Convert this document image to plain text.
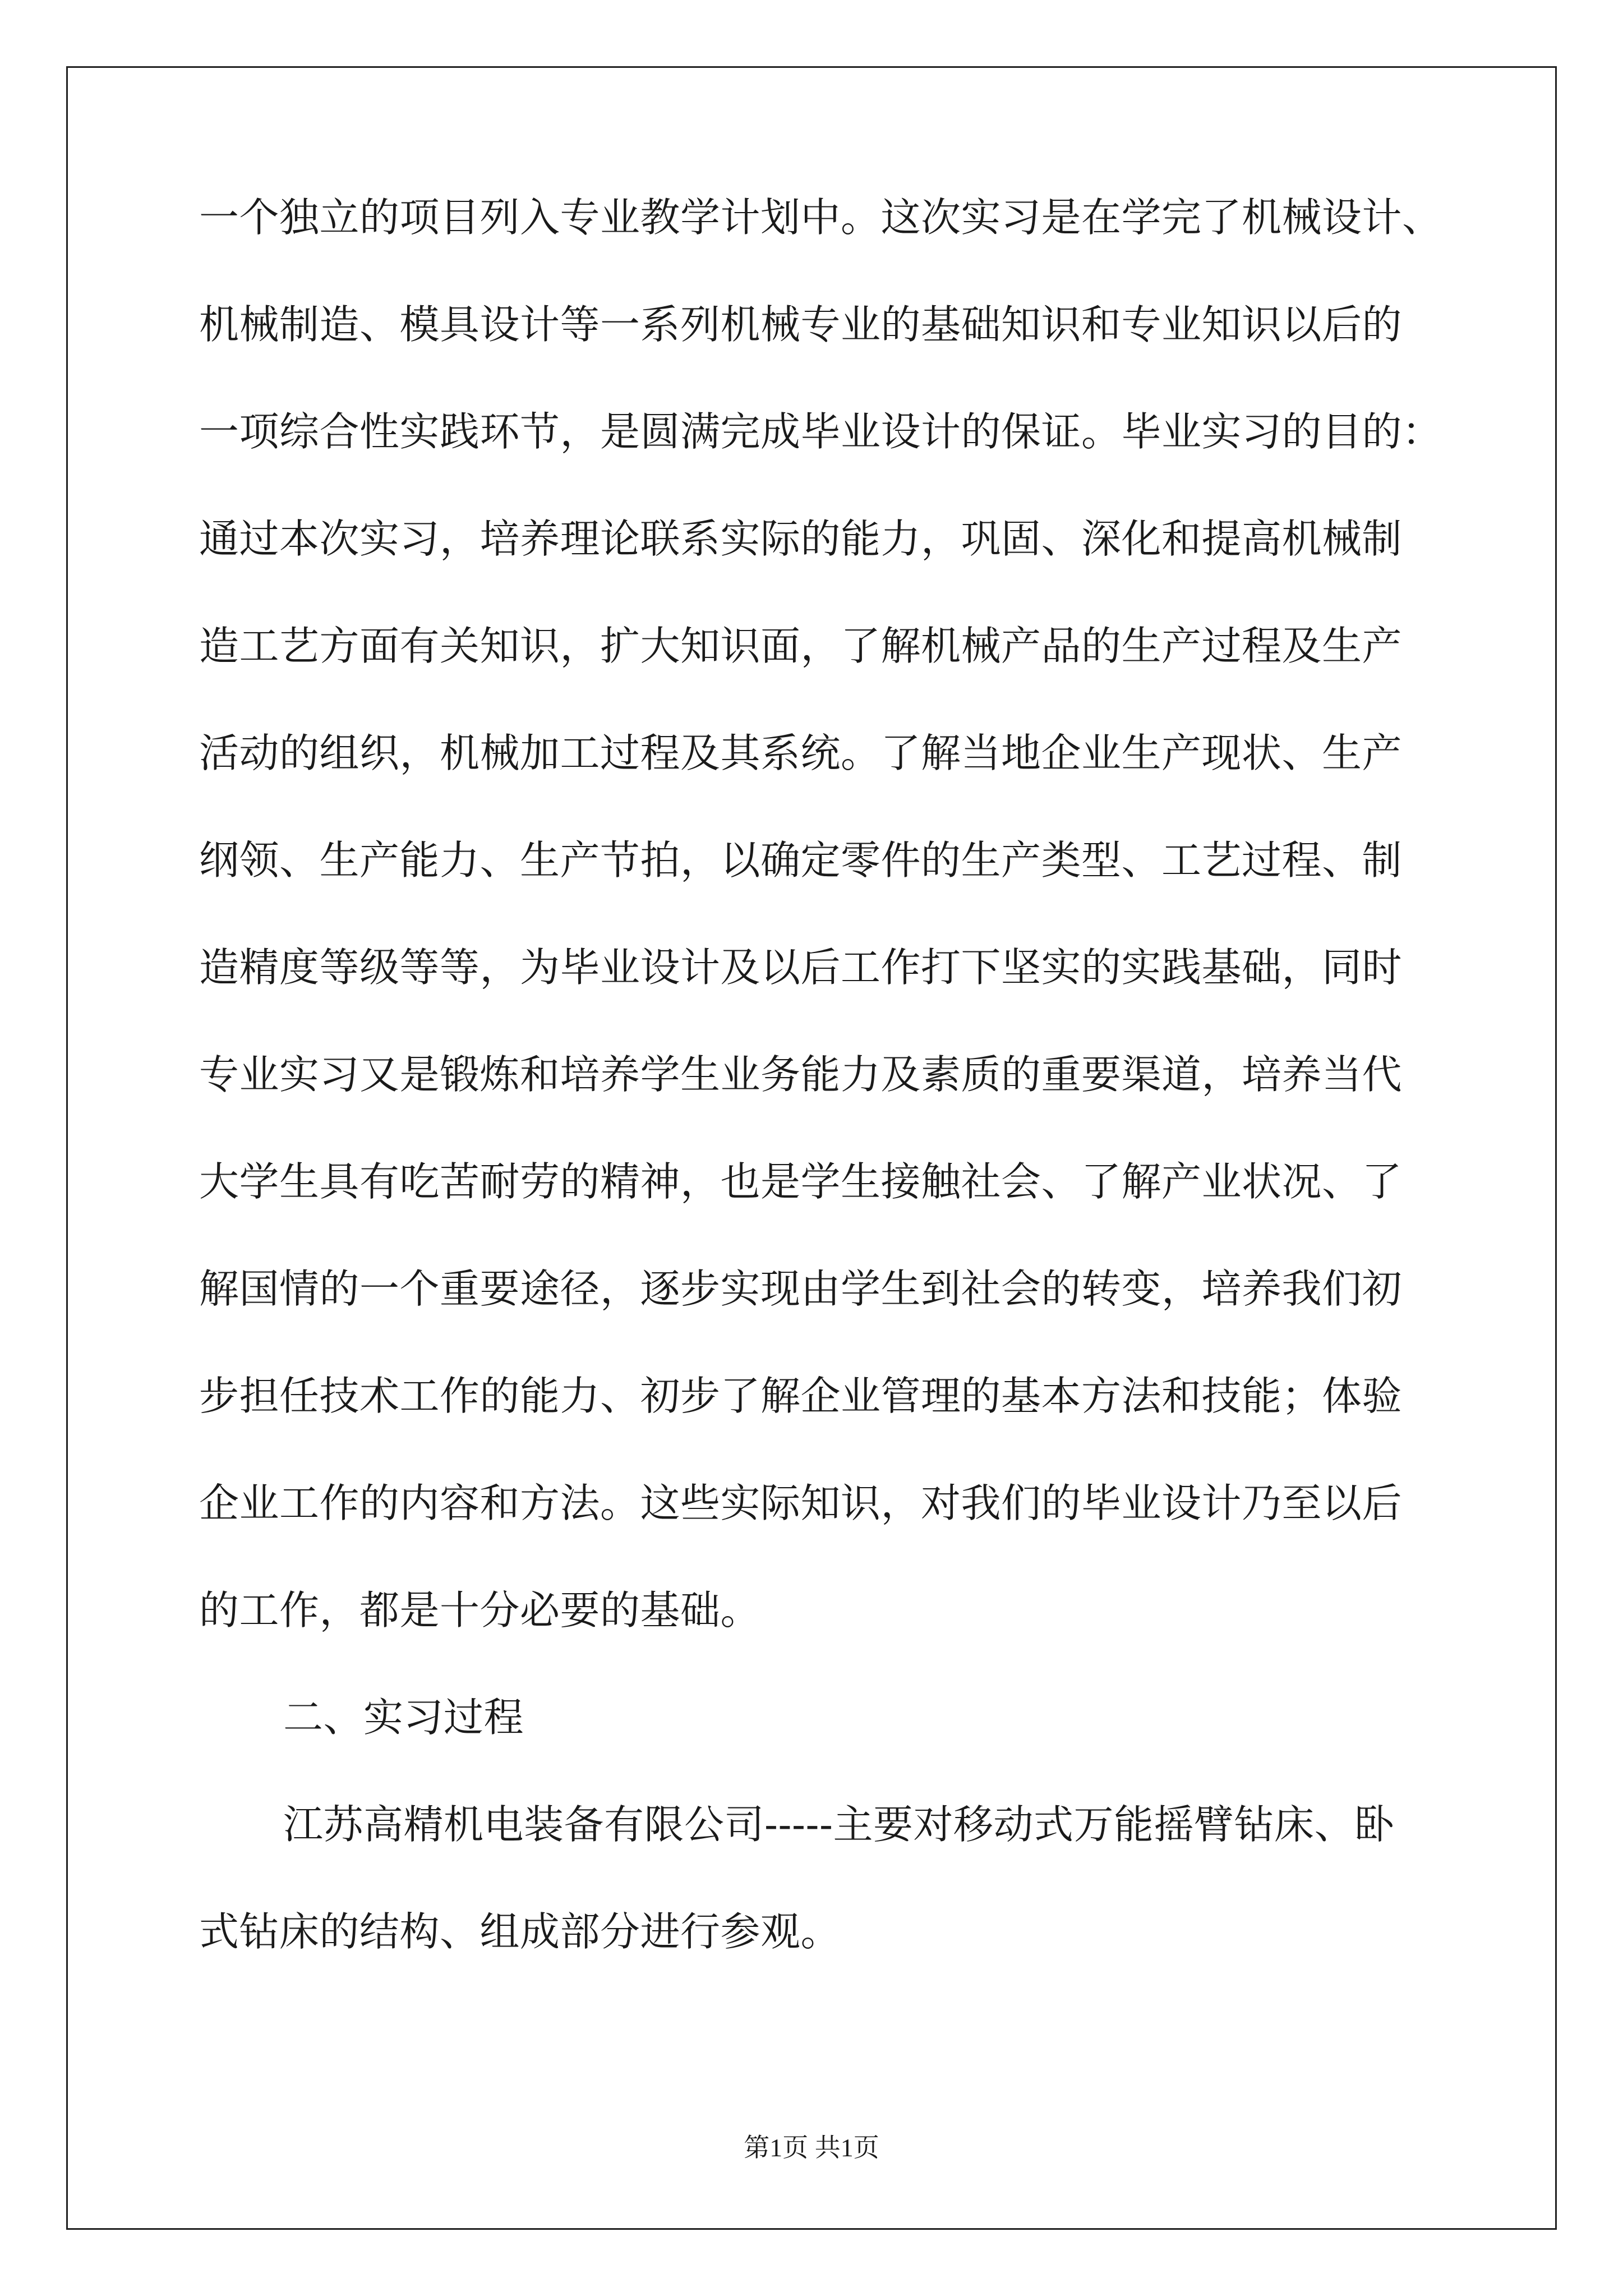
一个独立的项目列入专业教学计划中。这次实习是在学完了机械设计、
机械制造、模具设计等一系列机械专业的基础知识和专业知识以后的
一项综合性实践环节，是圆满完成毕业设计的保证。毕业实习的目的：
通过本次实习，培养理论联系实际的能力，巩固、深化和提高机械制
造工艺方面有关知识，扩大知识面，了解机械产品的生产过程及生产
活动的组织，机械加工过程及其系统。了解当地企业生产现状、生产
纲领、生产能力、生产节拍，以确定零件的生产类型、工艺过程、制
造精度等级等等，为毕业设计及以后工作打下坚实的实践基础，同时
专业实习又是锻炼和培养学生业务能力及素质的重要渠道，培养当代
大学生具有吃苦耐劳的精神，也是学生接触社会、了解产业状况、了
解国情的一个重要途径，逐步实现由学生到社会的转变，培养我们初
步担任技术工作的能力、初步了解企业管理的基本方法和技能；体验
企业工作的内容和方法。这些实际知识，对我们的毕业设计乃至以后
的工作，都是十分必要的基础。
二、实习过程
江苏高精机电装备有限公司-----主要对移动式万能摇臂钻床、卧
式钻床的结构、组成部分进行参观。
第1页 共1页
